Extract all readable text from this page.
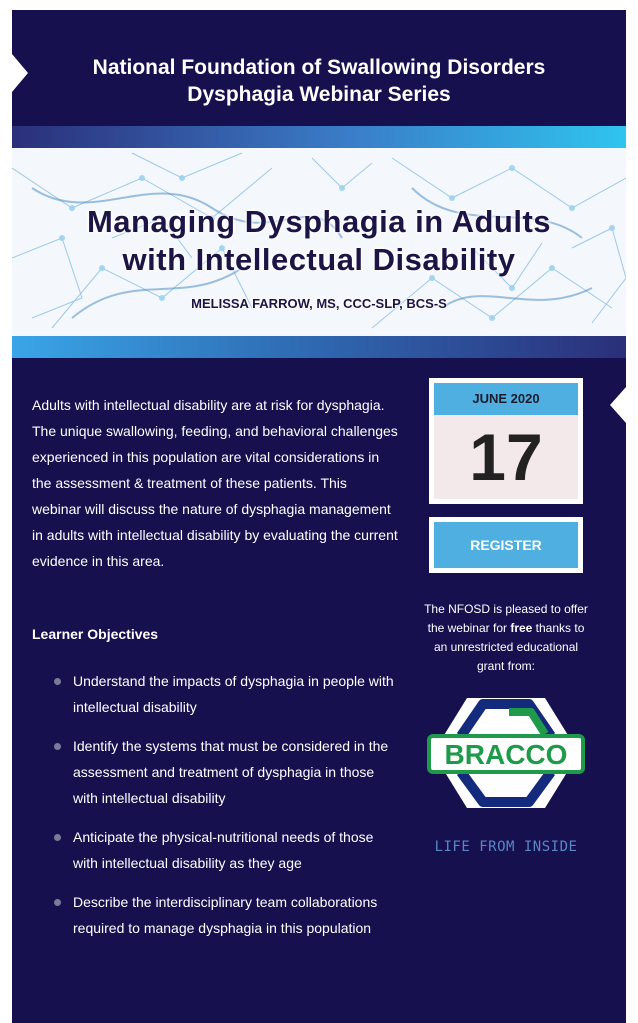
National Foundation of Swallowing Disorders
Dysphagia Webinar Series
Managing Dysphagia in Adults
with Intellectual Disability
MELISSA FARROW, MS, CCC-SLP, BCS-S

Adults with intellectual disability are at risk for dysphagia. The unique swallowing, feeding, and behavioral challenges experienced in this population are vital considerations in the assessment & treatment of these patients. This webinar will discuss the nature of dysphagia management in adults with intellectual disability by evaluating the current evidence in this area.

Learner Objectives
Understand the impacts of dysphagia in people with intellectual disability
Identify the systems that must be considered in the assessment and treatment of dysphagia in those with intellectual disability
Anticipate the physical-nutritional needs of those with intellectual disability as they age
Describe the interdisciplinary team collaborations required to manage dysphagia in this population
JUNE 2020
17
REGISTER
The NFOSD is pleased to offer the webinar for free thanks to an unrestricted educational grant from:
BRACCO
LIFE FROM INSIDE
